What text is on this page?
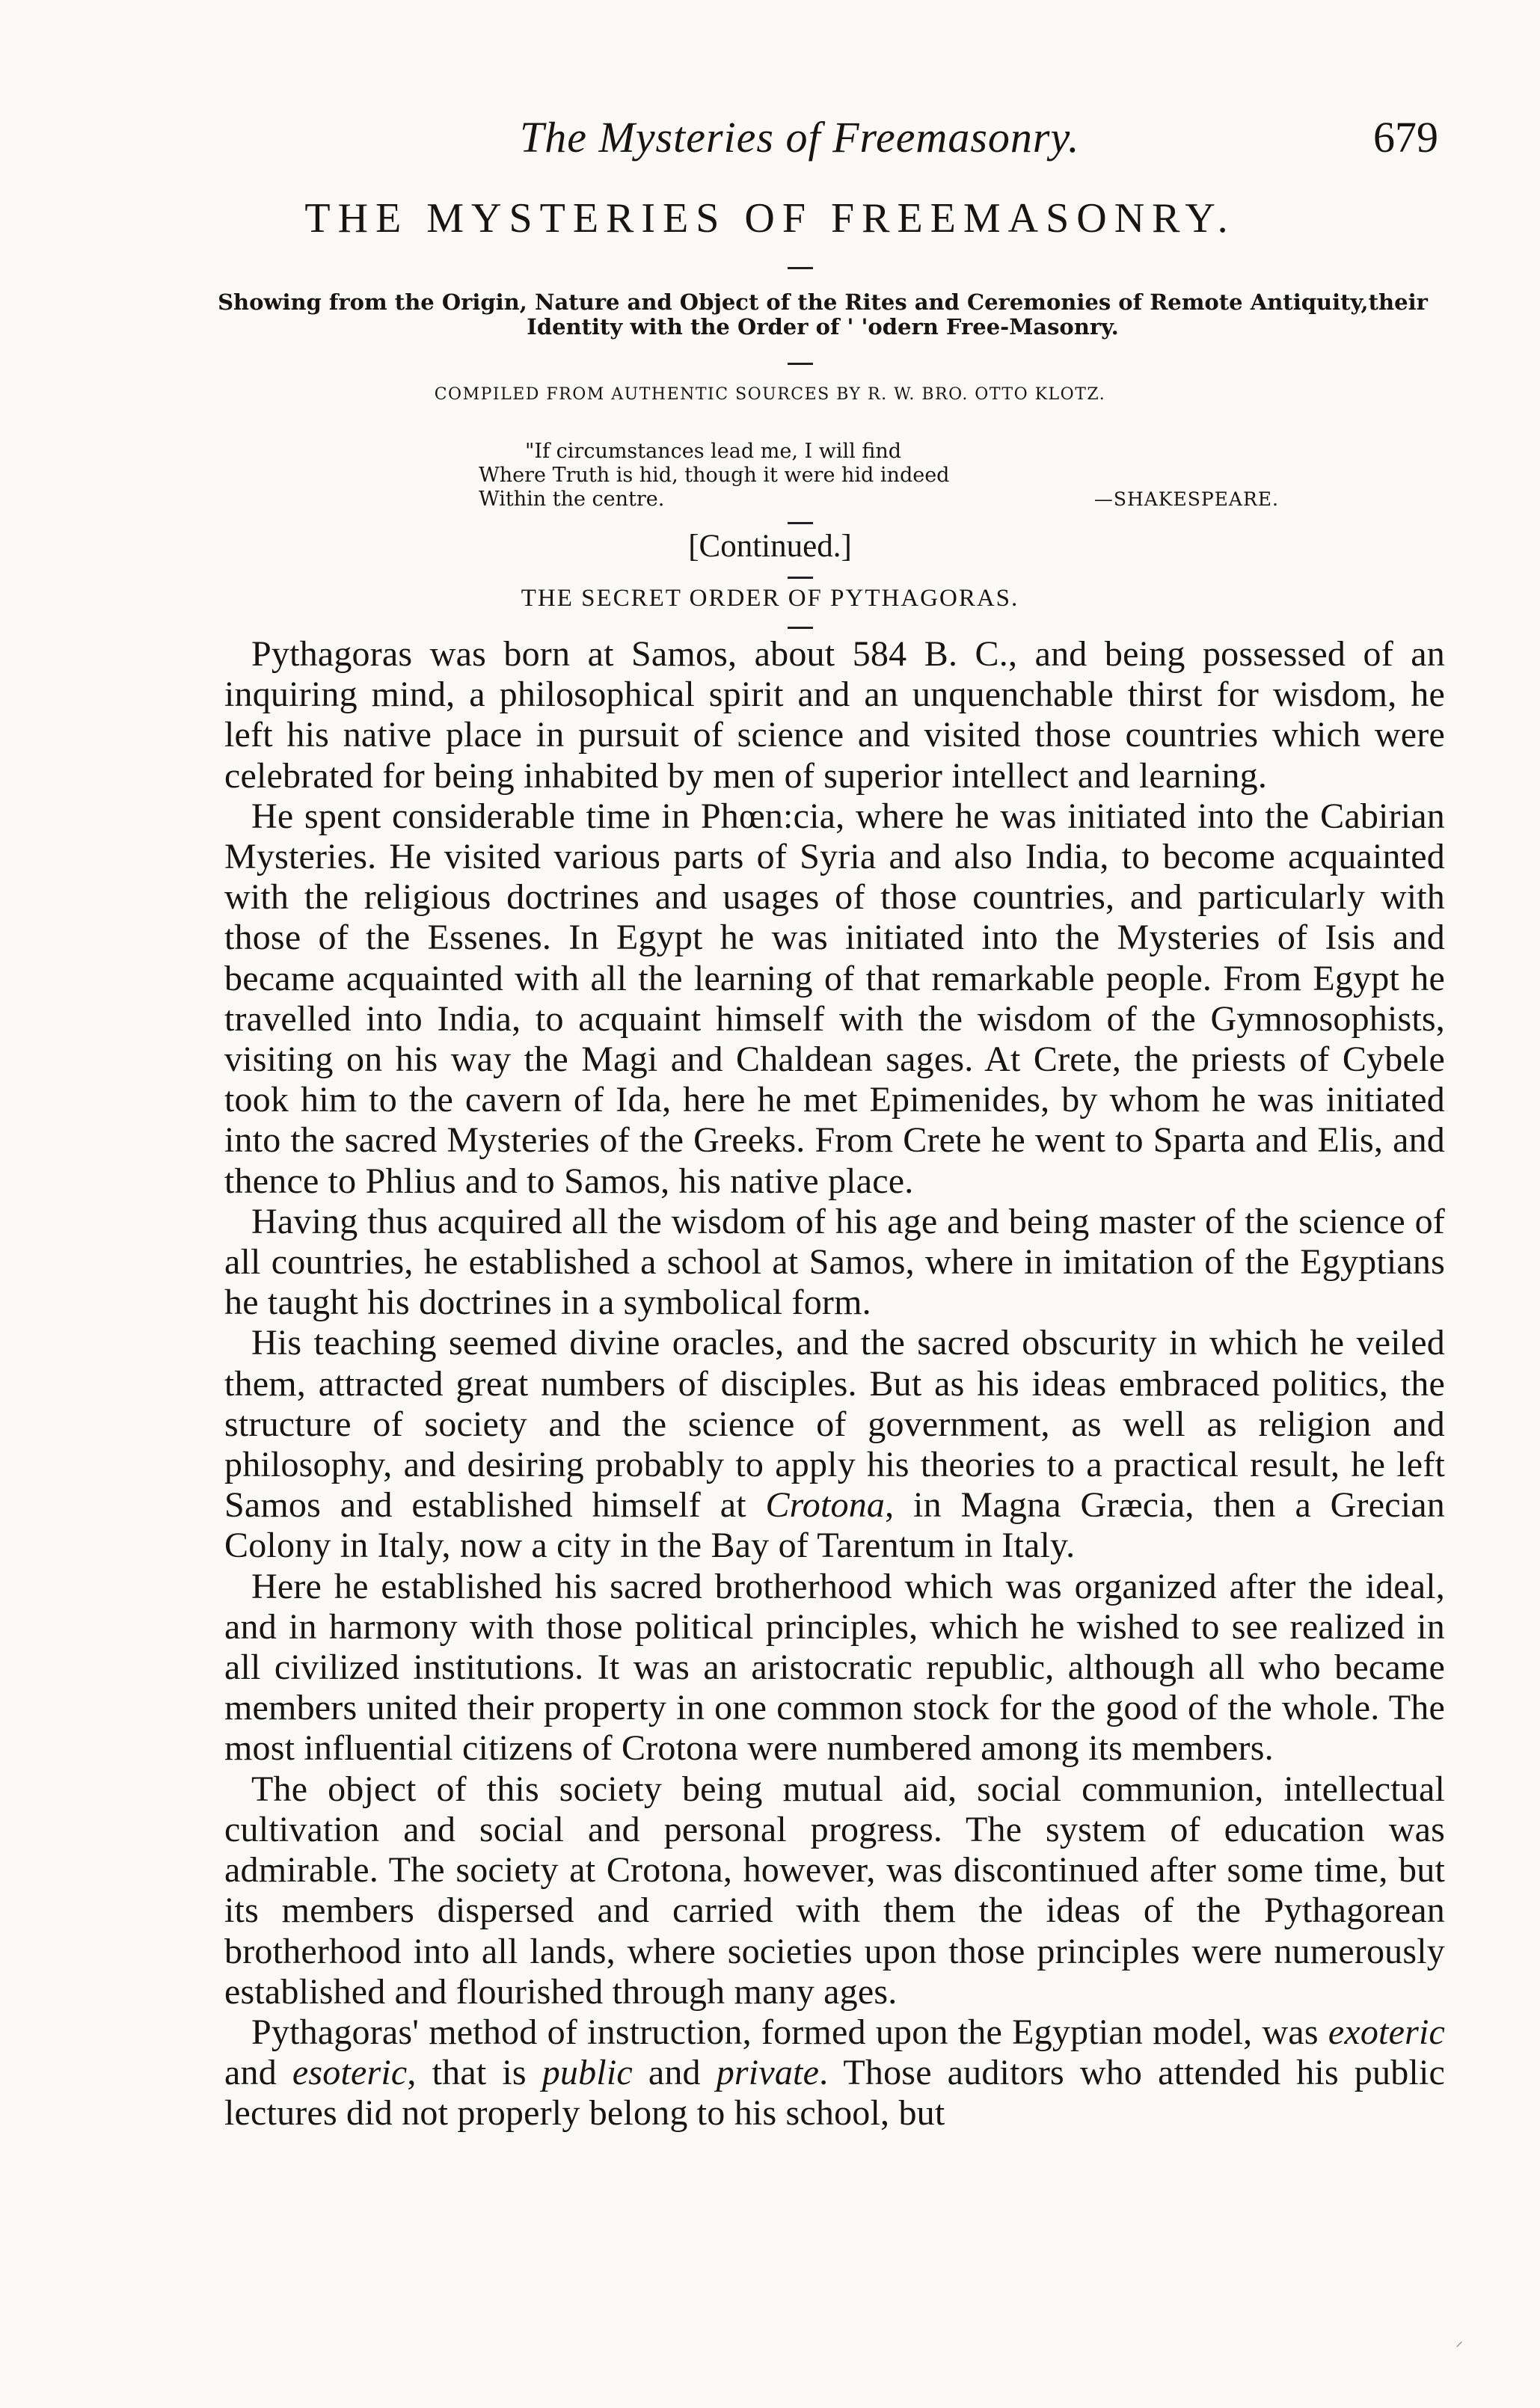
The Mysteries of Freemasonry.	679
THE MYSTERIES OF FREEMASONRY.
Showing from the Origin, Nature and Object of the Rites and Ceremonies of Remote Antiquity,their Identity with the Order of ' 'odern Free-Masonry.
COMPILED FROM AUTHENTIC SOURCES BY R. W. BRO. OTTO KLOTZ.
"If circumstances lead me, I will find
Where Truth is hid, though it were hid indeed
Within the centre.	—SHAKESPEARE.
[Continued.]
THE SECRET ORDER OF PYTHAGORAS.

Pythagoras was born at Samos, about 584 B. C., and being possessed of an inquiring mind, a philosophical spirit and an unquenchable thirst for wisdom, he left his native place in pursuit of science and visited those countries which were celebrated for being inhabited by men of superior intellect and learning.

He spent considerable time in Phœn:cia, where he was initiated into the Cabirian Mysteries. He visited various parts of Syria and also India, to become acquainted with the religious doctrines and usages of those countries, and particularly with those of the Essenes. In Egypt he was initiated into the Mysteries of Isis and became acquainted with all the learning of that remarkable people. From Egypt he travelled into India, to acquaint himself with the wisdom of the Gymnosophists, visiting on his way the Magi and Chaldean sages. At Crete, the priests of Cybele took him to the cavern of Ida, here he met Epimenides, by whom he was initiated into the sacred Mysteries of the Greeks. From Crete he went to Sparta and Elis, and thence to Phlius and to Samos, his native place.

Having thus acquired all the wisdom of his age and being master of the science of all countries, he established a school at Samos, where in imitation of the Egyptians he taught his doctrines in a symbolical form.

His teaching seemed divine oracles, and the sacred obscurity in which he veiled them, attracted great numbers of disciples. But as his ideas embraced politics, the structure of society and the science of government, as well as religion and philosophy, and desiring probably to apply his theories to a practical result, he left Samos and established himself at Crotona, in Magna Græcia, then a Grecian Colony in Italy, now a city in the Bay of Tarentum in Italy.

Here he established his sacred brotherhood which was organized after the ideal, and in harmony with those political principles, which he wished to see realized in all civilized institutions. It was an aristocratic republic, although all who became members united their property in one common stock for the good of the whole. The most influential citizens of Crotona were numbered among its members.

The object of this society being mutual aid, social communion, intellectual cultivation and social and personal progress. The system of education was admirable. The society at Crotona, however, was discontinued after some time, but its members dispersed and carried with them the ideas of the Pythagorean brotherhood into all lands, where societies upon those principles were numerously established and flourished through many ages.

Pythagoras' method of instruction, formed upon the Egyptian model, was exoteric and esoteric, that is public and private. Those auditors who attended his public lectures did not properly belong to his school, but

⸝
